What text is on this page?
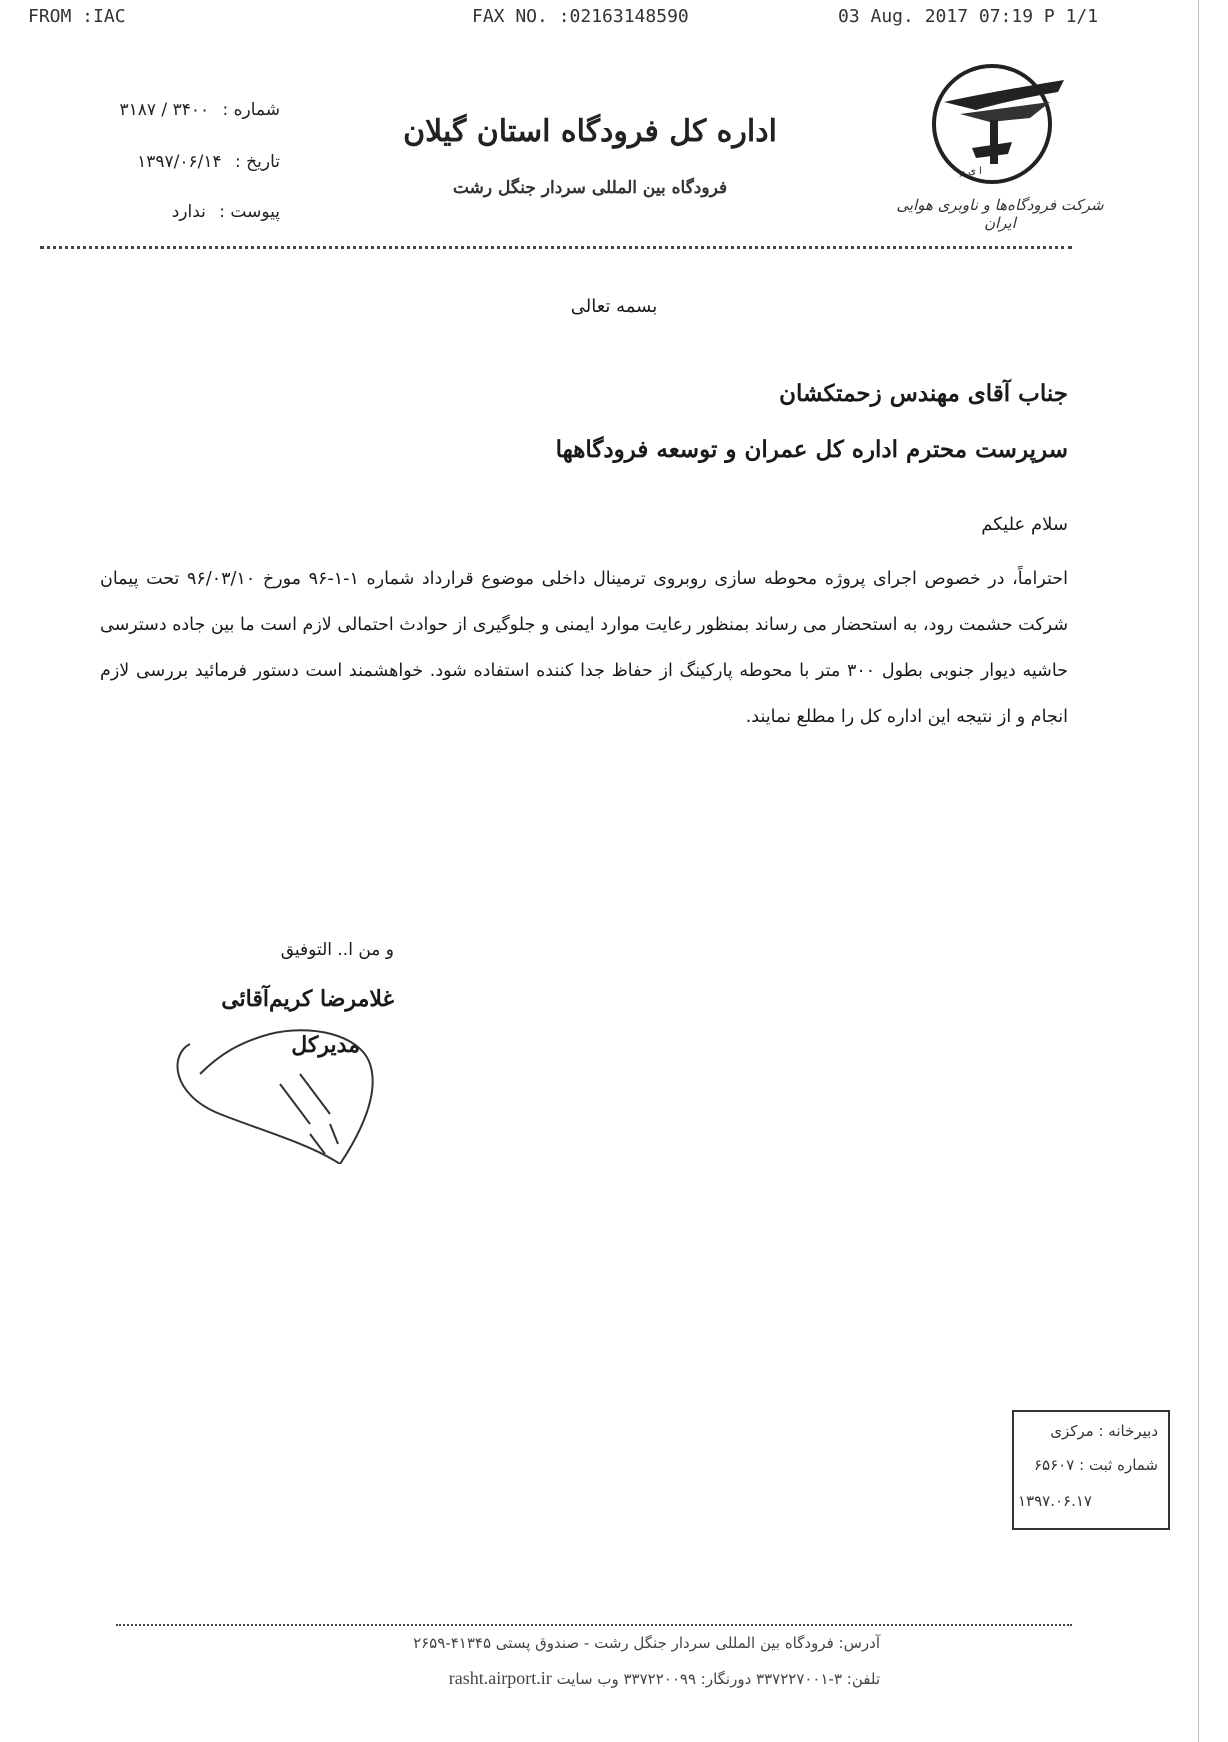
FROM :IAC	FAX NO. :02163148590	03 Aug. 2017 07:19 P 1/1
ا ی ر
شرکت فرودگاه‌ها و ناوبری هوایی ایران
اداره کل فرودگاه استان گیلان
فرودگاه بین المللی سردار جنگل رشت
شماره : ۳۴۰۰ / ۳۱۸۷
تاریخ : ۱۳۹۷/۰۶/۱۴
پیوست : ندارد
بسمه تعالی
جناب آقای مهندس زحمتکشان
سرپرست محترم اداره کل عمران و توسعه فرودگاهها
سلام علیکم
احتراماً، در خصوص اجرای پروژه محوطه سازی روبروی ترمینال داخلی موضوع قرارداد شماره ۱-۱-۹۶ مورخ ۹۶/۰۳/۱۰ تحت پیمان شرکت حشمت رود، به استحضار می رساند بمنظور رعایت موارد ایمنی و جلوگیری از حوادث احتمالی لازم است ما بین جاده دسترسی حاشیه دیوار جنوبی بطول ۳۰۰ متر با محوطه پارکینگ از حفاظ جدا کننده استفاده شود. خواهشمند است دستور فرمائید بررسی لازم انجام و از نتیجه این اداره کل را مطلع نمایند.
و من ا.. التوفیق
غلامرضا کریم‌آقائی
مدیرکل
دبیرخانه : مرکزی
شماره ثبت : ۶۵۶۰۷
۱۳۹۷.۰۶.۱۷
آدرس: فرودگاه بین المللی سردار جنگل رشت - صندوق پستی ۴۱۳۴۵-۲۶۵۹
تلفن: ۳-۳۳۷۲۲۷۰۰۱ دورنگار: ۳۳۷۲۲۰۰۹۹ وب سایت rasht.airport.ir
